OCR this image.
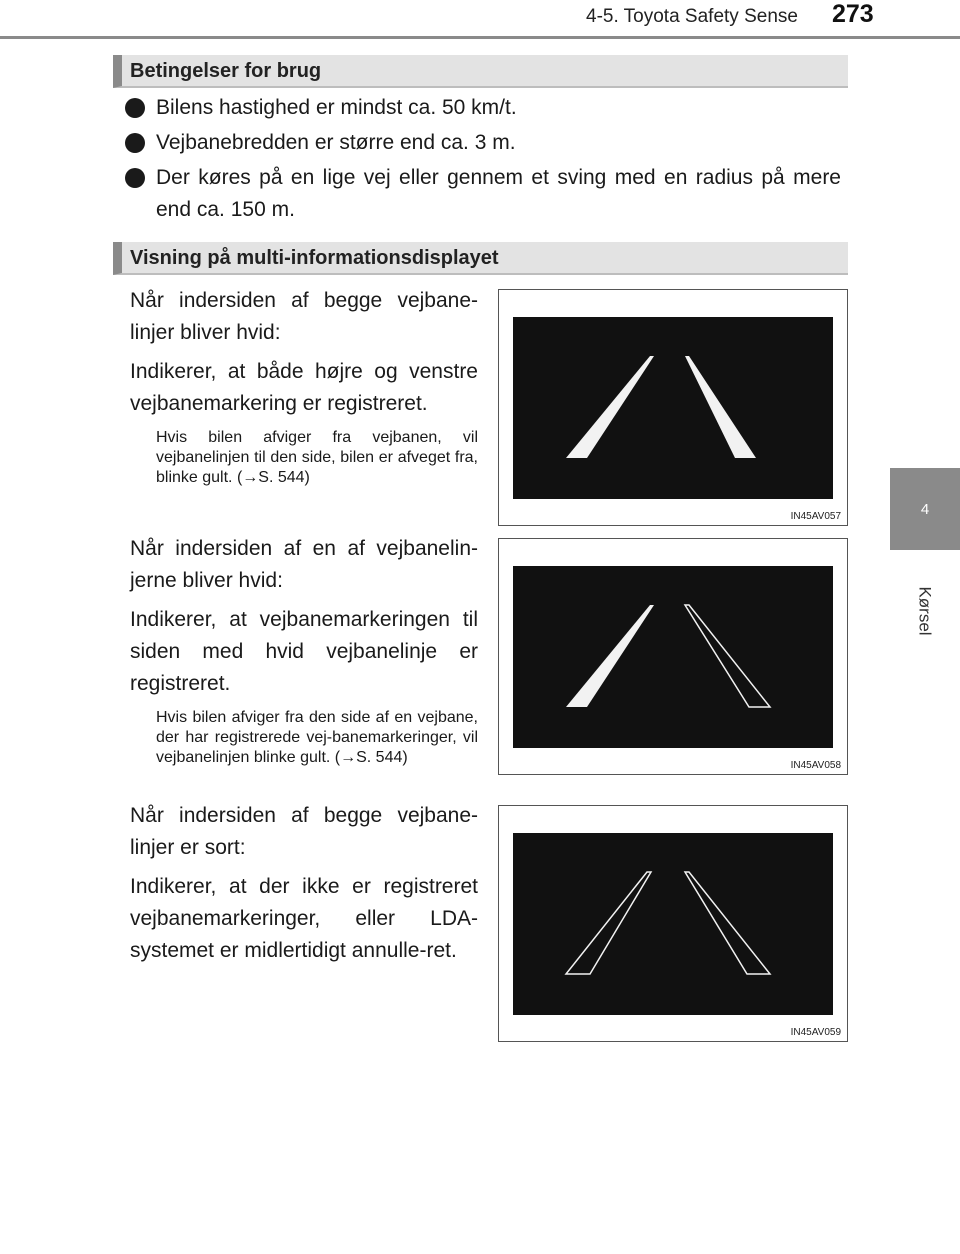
4-5. Toyota Safety Sense 273
4
Kørsel
Betingelser for brug
Bilens hastighed er mindst ca. 50 km/t.
Vejbanebredden er større end ca. 3 m.
Der køres på en lige vej eller gennem et sving med en radius på mere end ca. 150 m.
Visning på multi-informationsdisplayet

Når indersiden af begge vejbane-linjer bliver hvid:

Indikerer, at både højre og venstre vejbanemarkering er registreret.

Hvis bilen afviger fra vejbanen, vil vejbanelinjen til den side, bilen er afveget fra, blinke gult. (→S. 544)

IN45AV057

Når indersiden af en af vejbanelin-jerne bliver hvid:

Indikerer, at vejbanemarkeringen til siden med hvid vejbanelinje er registreret.

Hvis bilen afviger fra den side af en vejbane, der har registrerede vej-banemarkeringer, vil vejbanelinjen blinke gult. (→S. 544)	IN45AV058

Når indersiden af begge vejbane-linjer er sort:

Indikerer, at der ikke er registreret vejbanemarkeringer, eller LDA-systemet er midlertidigt annulle-ret.

IN45AV059
